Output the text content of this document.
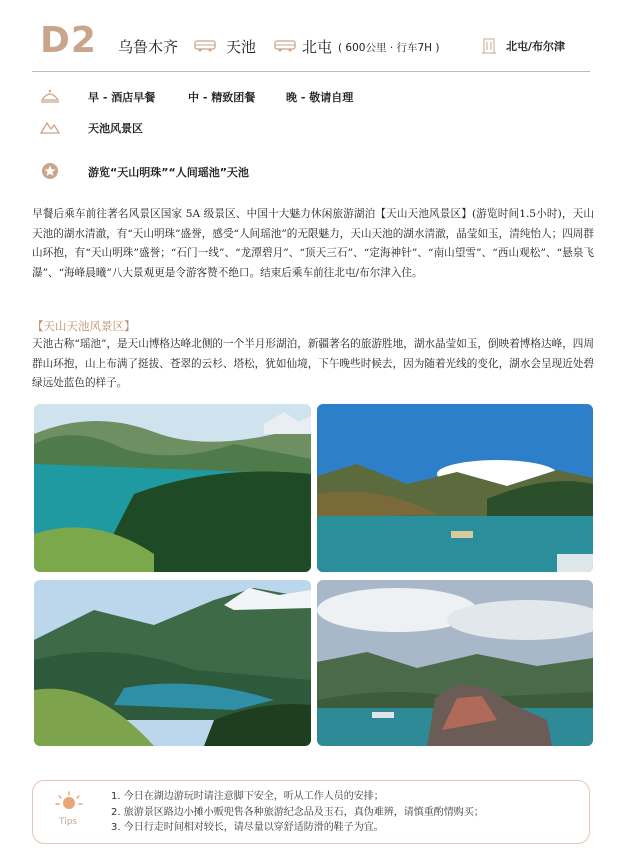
D2 乌鲁木齐	天池	北屯 ( 600公里 · 行车7H )	北屯/布尔津
早 - 酒店早餐	中 - 精致团餐	晚 - 敬请自理
天池风景区
游览“天山明珠”“人间瑶池”天池
早餐后乘车前往著名风景区国家 5A 级景区、中国十大魅力休闲旅游湖泊【天山天池风景区】(游览时间1.5小时)，天山天池的湖水清澈，有“天山明珠”盛誉，感受“人间瑶池”的无限魅力，天山天池的湖水清澈，晶莹如玉，清纯怡人；四周群山环抱，有“天山明珠”盛誉；“石门一线”、“龙潭碧月”、“顶天三石”、“定海神针”、“南山望雪”、“西山观松”、“悬泉飞瀑”、“海峰晨曦”八大景观更是令游客赞不绝口。结束后乘车前往北屯/布尔津入住。
【天山天池风景区】
天池古称“瑶池”，是天山博格达峰北侧的一个半月形湖泊，新疆著名的旅游胜地，湖水晶莹如玉，倒映着博格达峰，四周群山环抱，山上布满了挺拔、苍翠的云杉、塔松，犹如仙境，下午晚些时候去，因为随着光线的变化，湖水会呈现近处碧绿远处蓝色的样子。
Tips
1. 今日在湖边游玩时请注意脚下安全，听从工作人员的安排；
2. 旅游景区路边小摊小贩兜售各种旅游纪念品及玉石，真伪难辨，请慎重酌情购买；
3. 今日行走时间相对较长，请尽量以穿舒适防滑的鞋子为宜。
